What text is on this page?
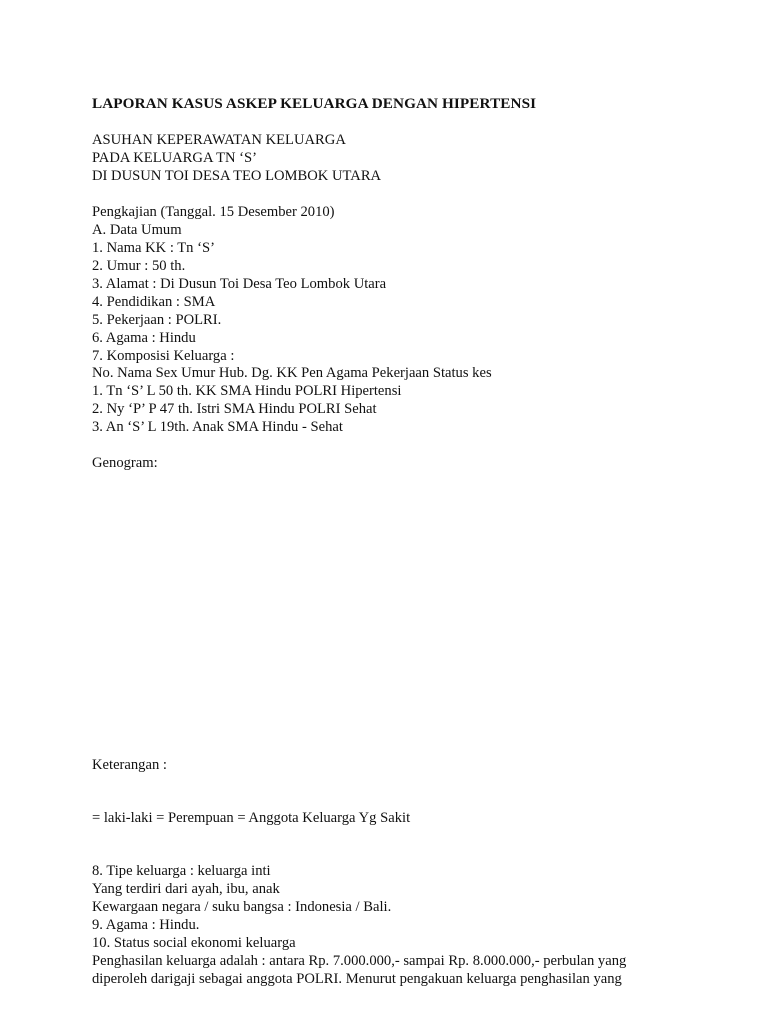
LAPORAN KASUS ASKEP KELUARGA DENGAN HIPERTENSI
ASUHAN KEPERAWATAN KELUARGA
PADA KELUARGA TN ‘S’
DI DUSUN TOI DESA TEO LOMBOK UTARA
Pengkajian (Tanggal. 15 Desember 2010)
A. Data Umum
1. Nama KK : Tn ‘S’
2. Umur : 50 th.
3. Alamat : Di Dusun Toi Desa Teo Lombok Utara
4. Pendidikan : SMA
5. Pekerjaan : POLRI.
6. Agama : Hindu
7. Komposisi Keluarga :
No. Nama Sex Umur Hub. Dg. KK Pen Agama Pekerjaan Status kes
1. Tn ‘S’ L 50 th. KK SMA Hindu POLRI Hipertensi
2. Ny ‘P’ P 47 th. Istri SMA Hindu POLRI Sehat
3. An ‘S’ L 19th. Anak SMA Hindu - Sehat
Genogram:
Keterangan :
= laki-laki = Perempuan = Anggota Keluarga Yg Sakit
8. Tipe keluarga : keluarga inti
Yang terdiri dari ayah, ibu, anak
Kewargaan negara / suku bangsa : Indonesia / Bali.
9. Agama : Hindu.
10. Status social ekonomi keluarga
Penghasilan keluarga adalah : antara Rp. 7.000.000,- sampai Rp. 8.000.000,- perbulan yang
diperoleh darigaji sebagai anggota POLRI. Menurut pengakuan keluarga penghasilan yang
